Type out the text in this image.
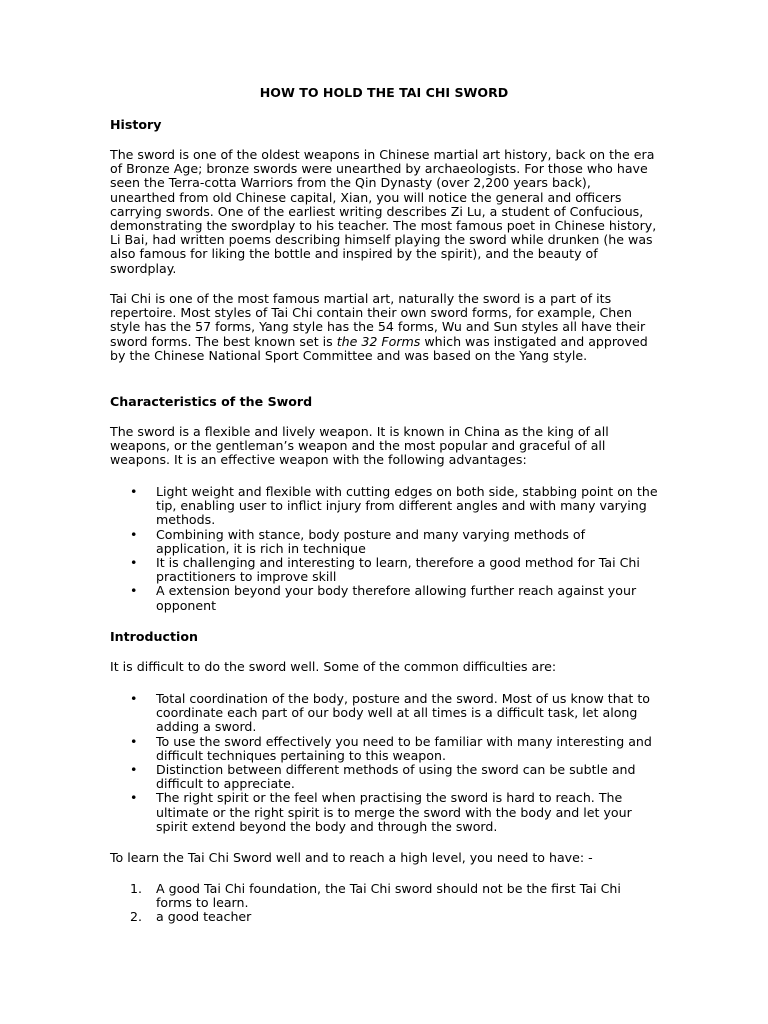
HOW TO HOLD THE TAI CHI SWORD
History

The sword is one of the oldest weapons in Chinese martial art history, back on the era of Bronze Age; bronze swords were unearthed by archaeologists. For those who have seen the Terra-cotta Warriors from the Qin Dynasty (over 2,200 years back), unearthed from old Chinese capital, Xian, you will notice the general and officers carrying swords. One of the earliest writing describes Zi Lu, a student of Confucious, demonstrating the swordplay to his teacher. The most famous poet in Chinese history, Li Bai, had written poems describing himself playing the sword while drunken (he was also famous for liking the bottle and inspired by the spirit), and the beauty of swordplay.

Tai Chi is one of the most famous martial art, naturally the sword is a part of its repertoire. Most styles of Tai Chi contain their own sword forms, for example, Chen style has the 57 forms, Yang style has the 54 forms, Wu and Sun styles all have their sword forms. The best known set is the 32 Forms which was instigated and approved by the Chinese National Sport Committee and was based on the Yang style.

Characteristics of the Sword

The sword is a flexible and lively weapon. It is known in China as the king of all weapons, or the gentleman’s weapon and the most popular and graceful of all weapons. It is an effective weapon with the following advantages:

• Light weight and flexible with cutting edges on both side, stabbing point on the tip, enabling user to inflict injury from different angles and with many varying methods.
• Combining with stance, body posture and many varying methods of application, it is rich in technique
• It is challenging and interesting to learn, therefore a good method for Tai Chi practitioners to improve skill
• A extension beyond your body therefore allowing further reach against your opponent
Introduction

It is difficult to do the sword well. Some of the common difficulties are:

• Total coordination of the body, posture and the sword. Most of us know that to coordinate each part of our body well at all times is a difficult task, let along adding a sword.
• To use the sword effectively you need to be familiar with many interesting and difficult techniques pertaining to this weapon.
• Distinction between different methods of using the sword can be subtle and difficult to appreciate.
• The right spirit or the feel when practising the sword is hard to reach. The ultimate or the right spirit is to merge the sword with the body and let your spirit extend beyond the body and through the sword.

To learn the Tai Chi Sword well and to reach a high level, you need to have: -

1. A good Tai Chi foundation, the Tai Chi sword should not be the first Tai Chi forms to learn.
2. a good teacher
